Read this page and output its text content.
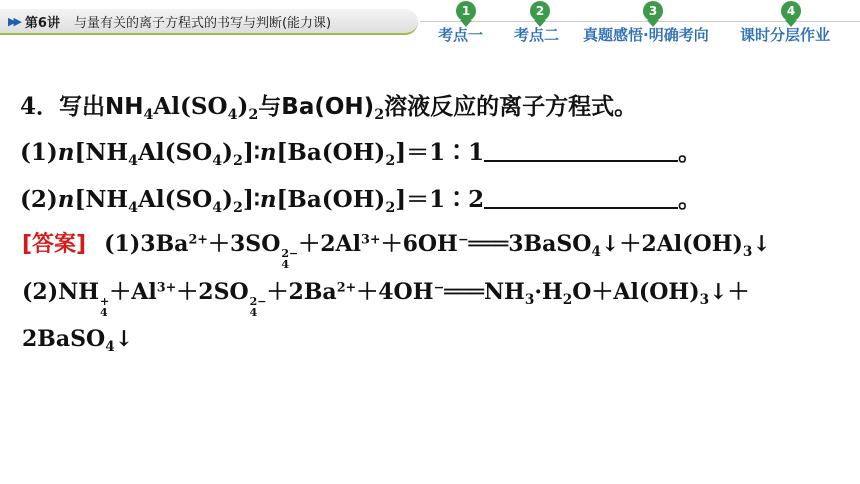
▶▶ 第6讲 与量有关的离子方程式的书写与判断(能力课)
1
考点一
2
考点二
3
真题感悟·明确考向
4
课时分层作业
4．写出$NH_4Al(SO_4)_2$与$Ba(OH)_2$溶液反应的离子方程式。
$(1)n[NH_4Al(SO_4)_2]∶n[Ba(OH)_2]=1∶1$	。
$(2)n[NH_4Al(SO_4)_2]∶n[Ba(OH)_2]=1∶2$	。
[答案] $(1)3Ba^{2+}+3SO$ 2−
4
$+2Al^{3+}+6OH^-═══3BaSO_4↓+2Al(OH)_3↓$
(2)NH +
4
$+Al^{3+}+2SO$ 2−
4
$+2Ba^{2+}+4OH^-═══NH_3\cdot H_2O+Al(OH)_3↓+$
2BaSO$_4$↓
